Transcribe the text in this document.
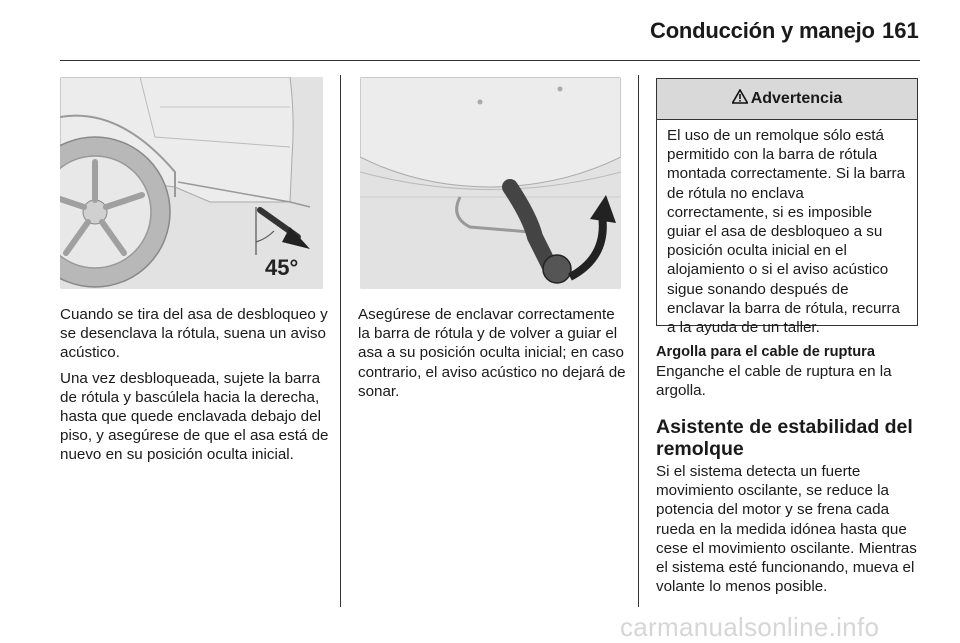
Conducción y manejo 161
45°

Cuando se tira del asa de desbloqueo y se desenclava la rótula, suena un aviso acústico.

Una vez desbloqueada, sujete la barra de rótula y bascúlela hacia la derecha, hasta que quede enclavada debajo del piso, y asegúrese de que el asa está de nuevo en su posición oculta inicial.

Asegúrese de enclavar correctamente la barra de rótula y de volver a guiar el asa a su posición oculta inicial; en caso contrario, el aviso acústico no dejará de sonar.

Advertencia
El uso de un remolque sólo está permitido con la barra de rótula montada correctamente. Si la barra de rótula no enclava correctamente, si es imposible guiar el asa de desbloqueo a su posición oculta inicial en el alojamiento o si el aviso acústico sigue sonando después de enclavar la barra de rótula, recurra a la ayuda de un taller.
Argolla para el cable de ruptura
Enganche el cable de ruptura en la argolla.
Asistente de estabilidad del remolque
Si el sistema detecta un fuerte movimiento oscilante, se reduce la potencia del motor y se frena cada rueda en la medida idónea hasta que cese el movimiento oscilante. Mientras el sistema esté funcionando, mueva el volante lo menos posible.
carmanualsonline.info
